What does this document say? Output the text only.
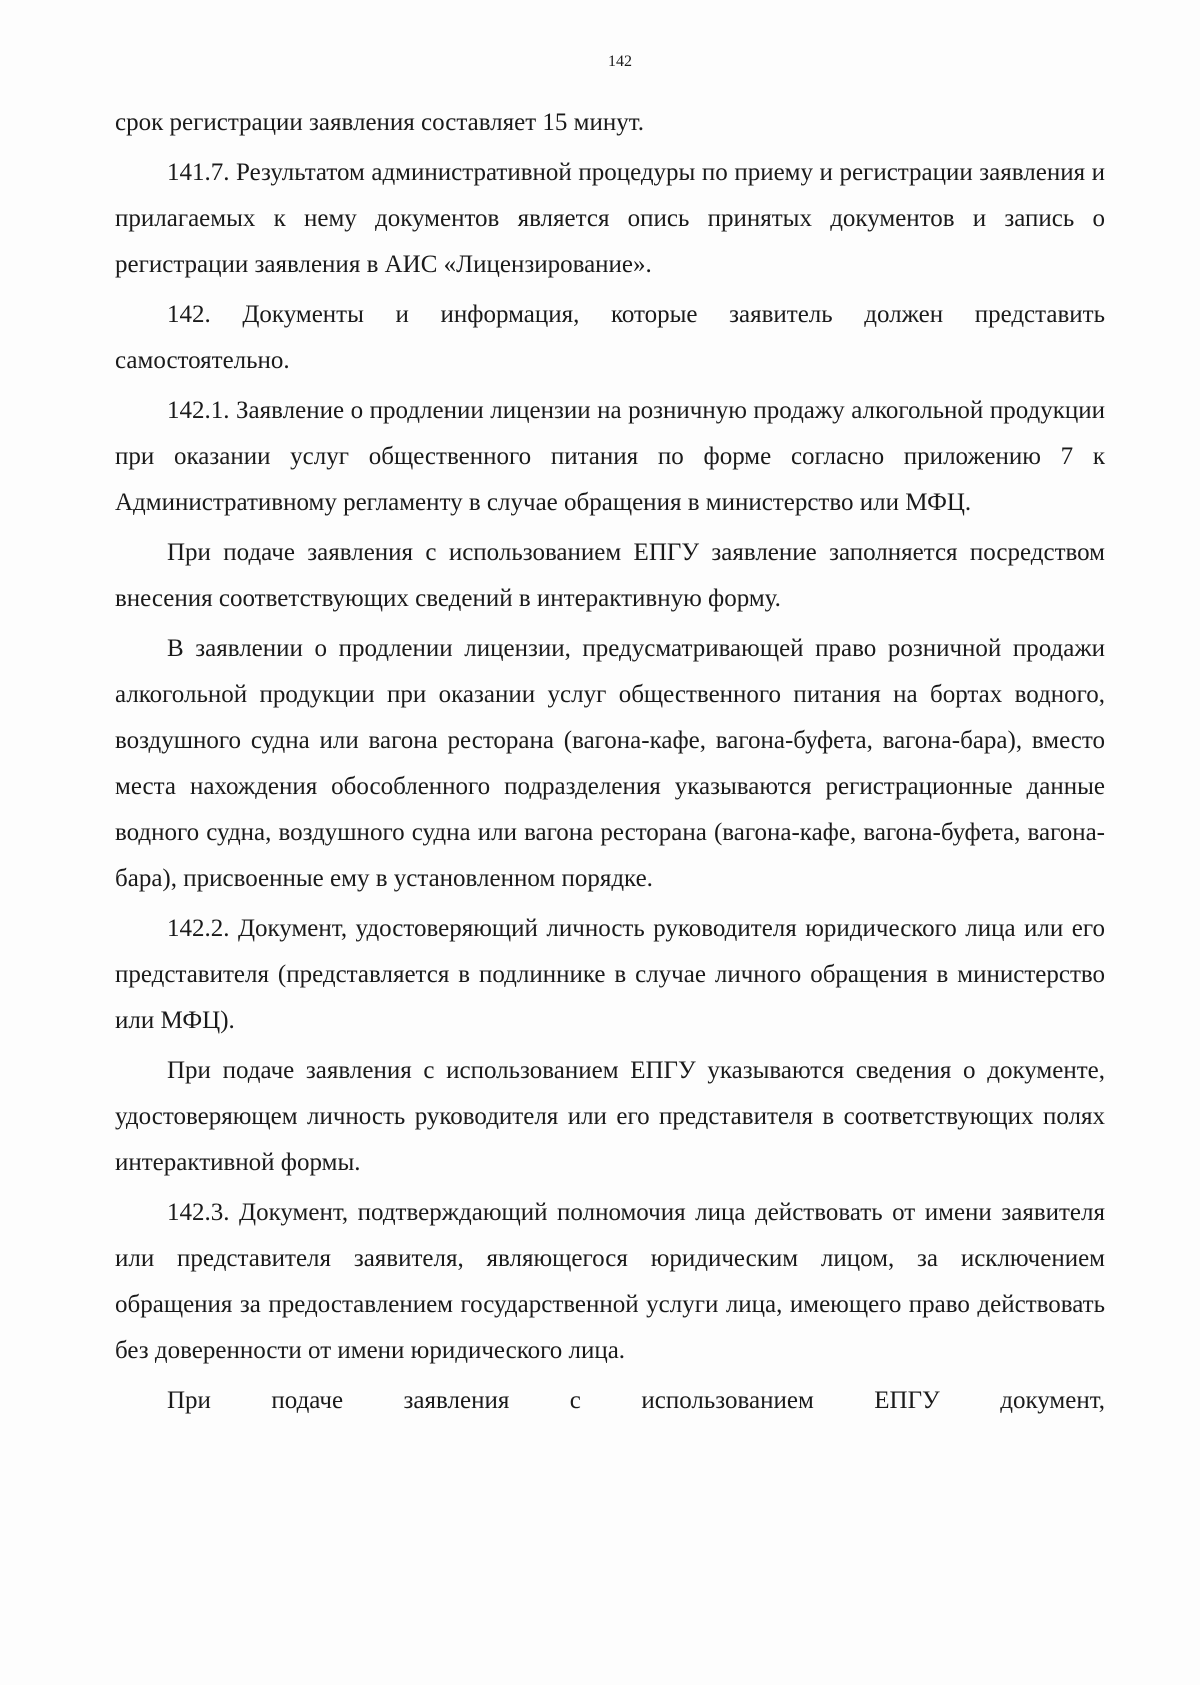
142

срок регистрации заявления составляет 15 минут.

141.7. Результатом административной процедуры по приему и регистрации заявления и прилагаемых к нему документов является опись принятых документов и запись о регистрации заявления в АИС «Лицензирование».

142. Документы и информация, которые заявитель должен представить самостоятельно.

142.1. Заявление о продлении лицензии на розничную продажу алкогольной продукции при оказании услуг общественного питания по форме согласно приложению 7 к Административному регламенту в случае обращения в министерство или МФЦ.

При подаче заявления с использованием ЕПГУ заявление заполняется посредством внесения соответствующих сведений в интерактивную форму.

В заявлении о продлении лицензии, предусматривающей право розничной продажи алкогольной продукции при оказании услуг общественного питания на бортах водного, воздушного судна или вагона ресторана (вагона-кафе, вагона-буфета, вагона-бара), вместо места нахождения обособленного подразделения указываются регистрационные данные водного судна, воздушного судна или вагона ресторана (вагона-кафе, вагона-буфета, вагона-бара), присвоенные ему в установленном порядке.

142.2. Документ, удостоверяющий личность руководителя юридического лица или его представителя (представляется в подлиннике в случае личного обращения в министерство или МФЦ).

При подаче заявления с использованием ЕПГУ указываются сведения о документе, удостоверяющем личность руководителя или его представителя в соответствующих полях интерактивной формы.

142.3. Документ, подтверждающий полномочия лица действовать от имени заявителя или представителя заявителя, являющегося юридическим лицом, за исключением обращения за предоставлением государственной услуги лица, имеющего право действовать без доверенности от имени юридического лица.

При подаче заявления с использованием ЕПГУ документ,
